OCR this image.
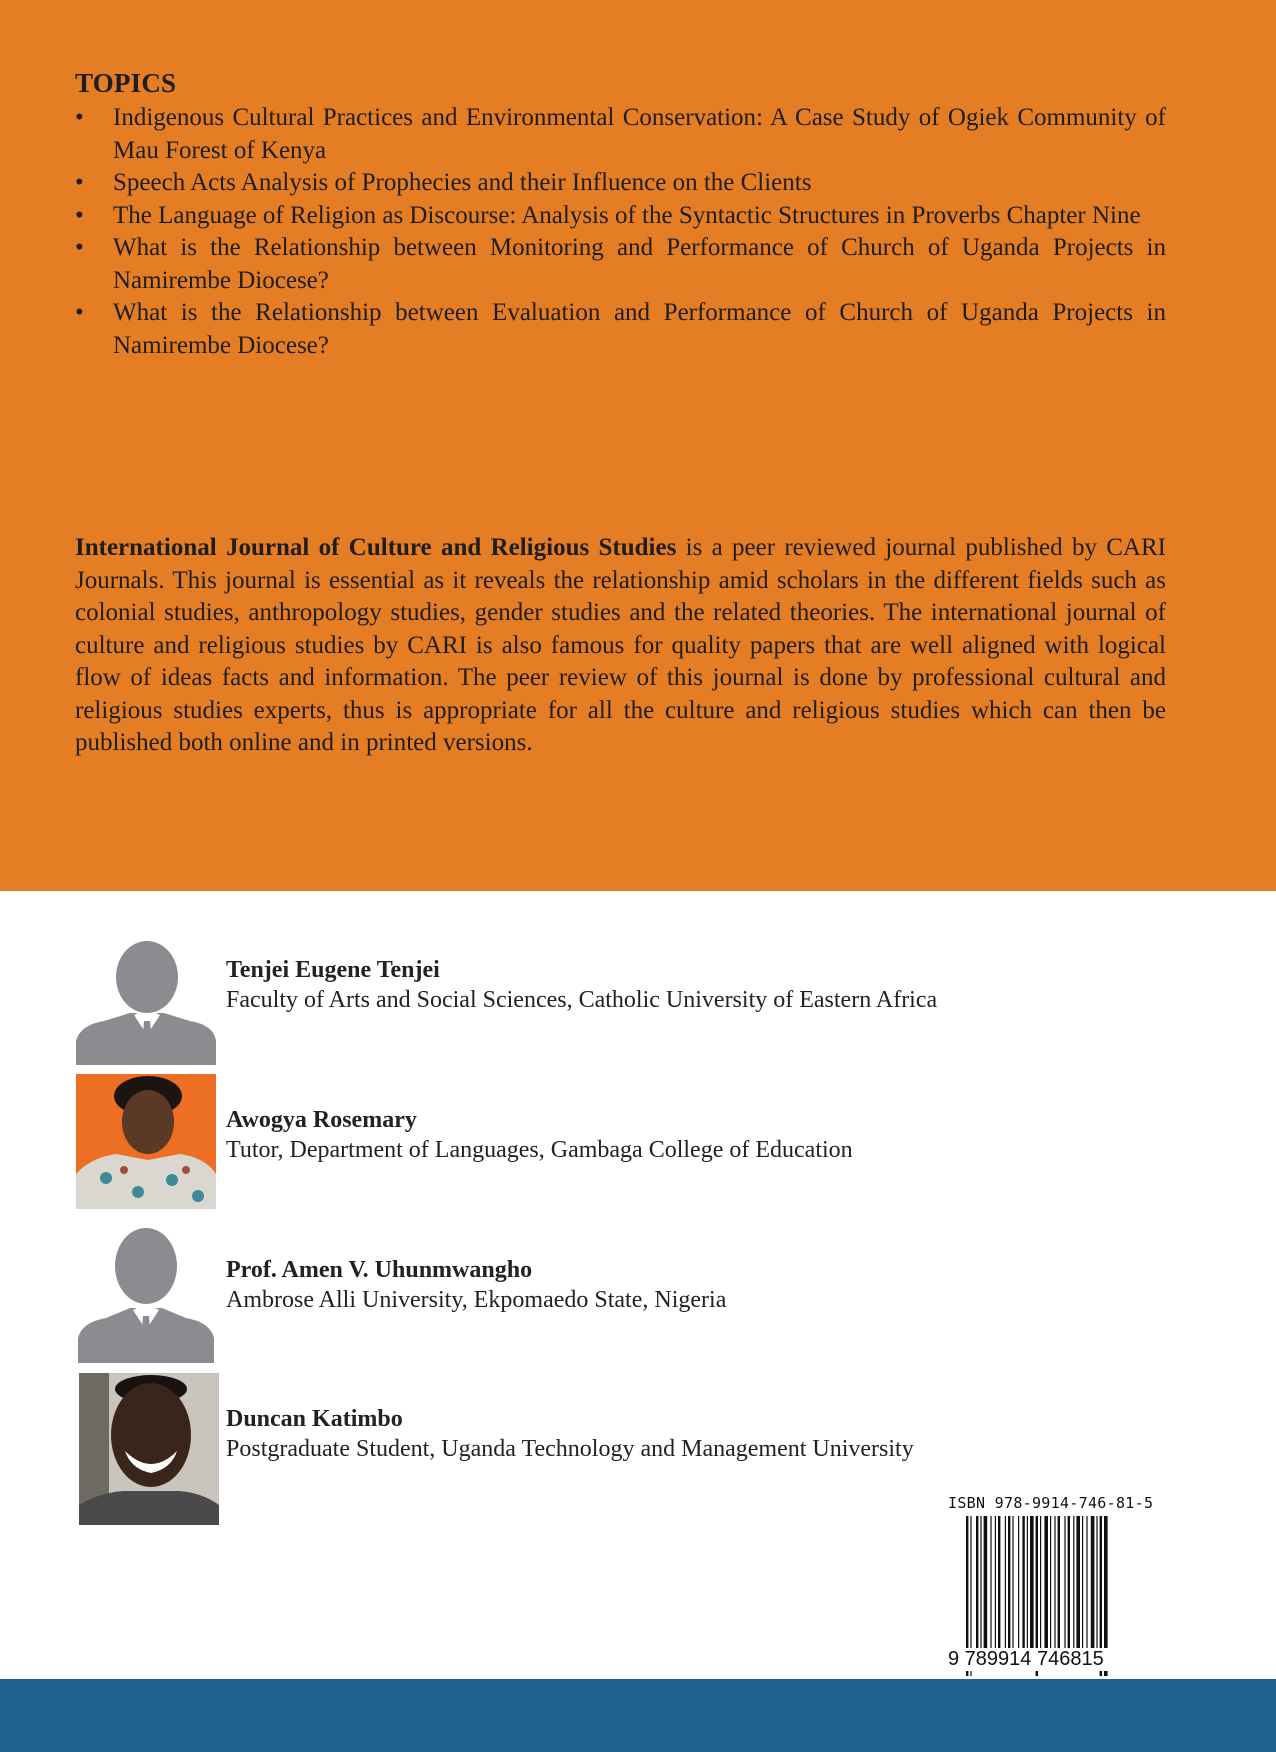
TOPICS
• Indigenous Cultural Practices and Environmental Conservation: A Case Study of Ogiek Community of Mau Forest of Kenya
• Speech Acts Analysis of Prophecies and their Influence on the Clients
• The Language of Religion as Discourse: Analysis of the Syntactic Structures in Proverbs Chapter Nine
• What is the Relationship between Monitoring and Performance of Church of Uganda Projects in Namirembe Diocese?
• What is the Relationship between Evaluation and Performance of Church of Uganda Projects in Namirembe Diocese?

International Journal of Culture and Religious Studies is a peer reviewed journal published by CARI Journals. This journal is essential as it reveals the relationship amid scholars in the different fields such as colonial studies, anthropology studies, gender studies and the related theories. The international journal of culture and religious studies by CARI is also famous for quality papers that are well aligned with logical flow of ideas facts and information. The peer review of this journal is done by professional cultural and religious studies experts, thus is appropriate for all the culture and religious studies which can then be published both online and in printed versions.

Tenjei Eugene Tenjei
Faculty of Arts and Social Sciences, Catholic University of Eastern Africa
Awogya Rosemary
Tutor, Department of Languages, Gambaga College of Education
Prof. Amen V. Uhunmwangho
Ambrose Alli University, Ekpomaedo State, Nigeria
Duncan Katimbo
Postgraduate Student, Uganda Technology and Management University
ISBN 978-9914-746-81-5
9 789914 746815
